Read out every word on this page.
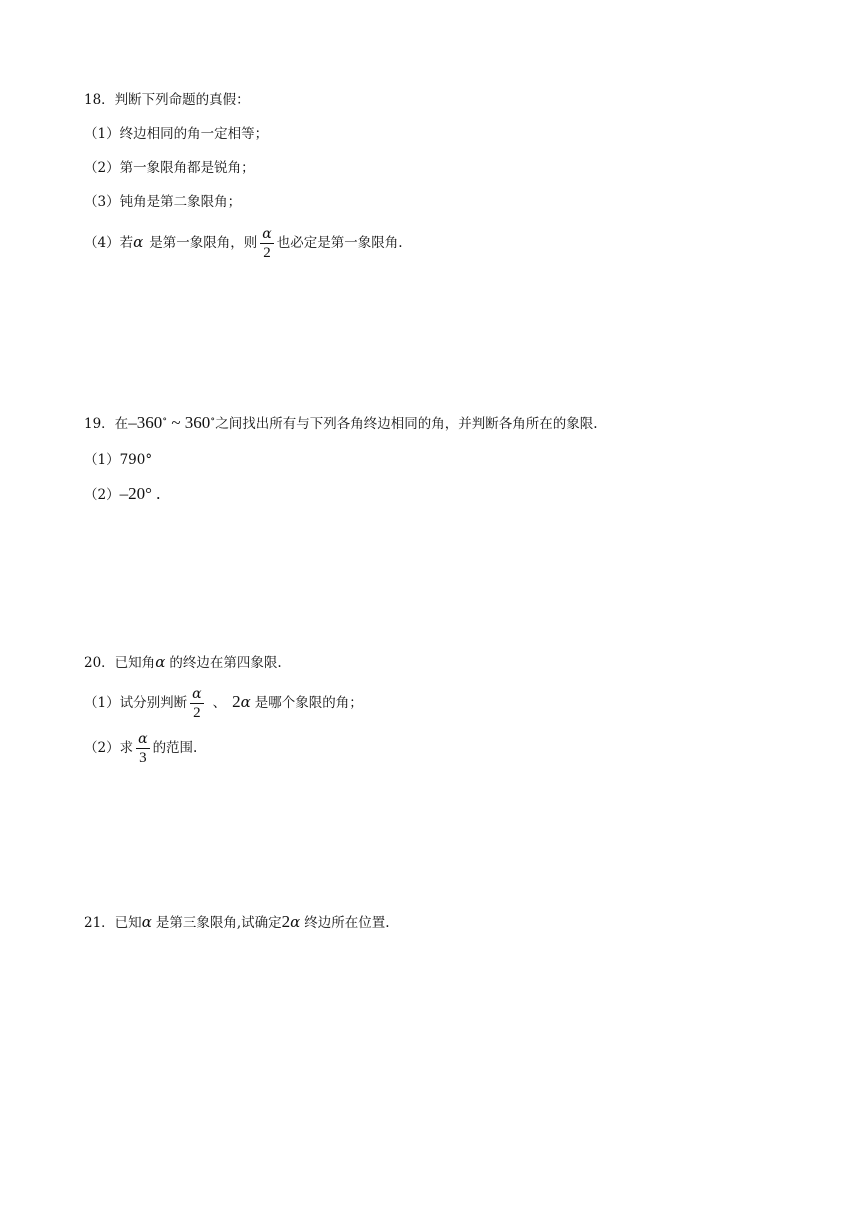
18．判断下列命题的真假：
（1）终边相同的角一定相等；
（2）第一象限角都是锐角；
（3）钝角是第二象限角；
（4）若α 是第一象限角，则 $\frac{\alpha}{2}$ 也必定是第一象限角.
19．在–360∘ ~ 360∘之间找出所有与下列各角终边相同的角，并判断各角所在的象限.
（1）790°
（2）–20° .
20．已知角α 的终边在第四象限.
（1）试分别判断 $\frac{\alpha}{2}$ 、 2α 是哪个象限的角；
（2）求 $\frac{\alpha}{3}$ 的范围.
21．已知α 是第三象限角,试确定2α 终边所在位置.
